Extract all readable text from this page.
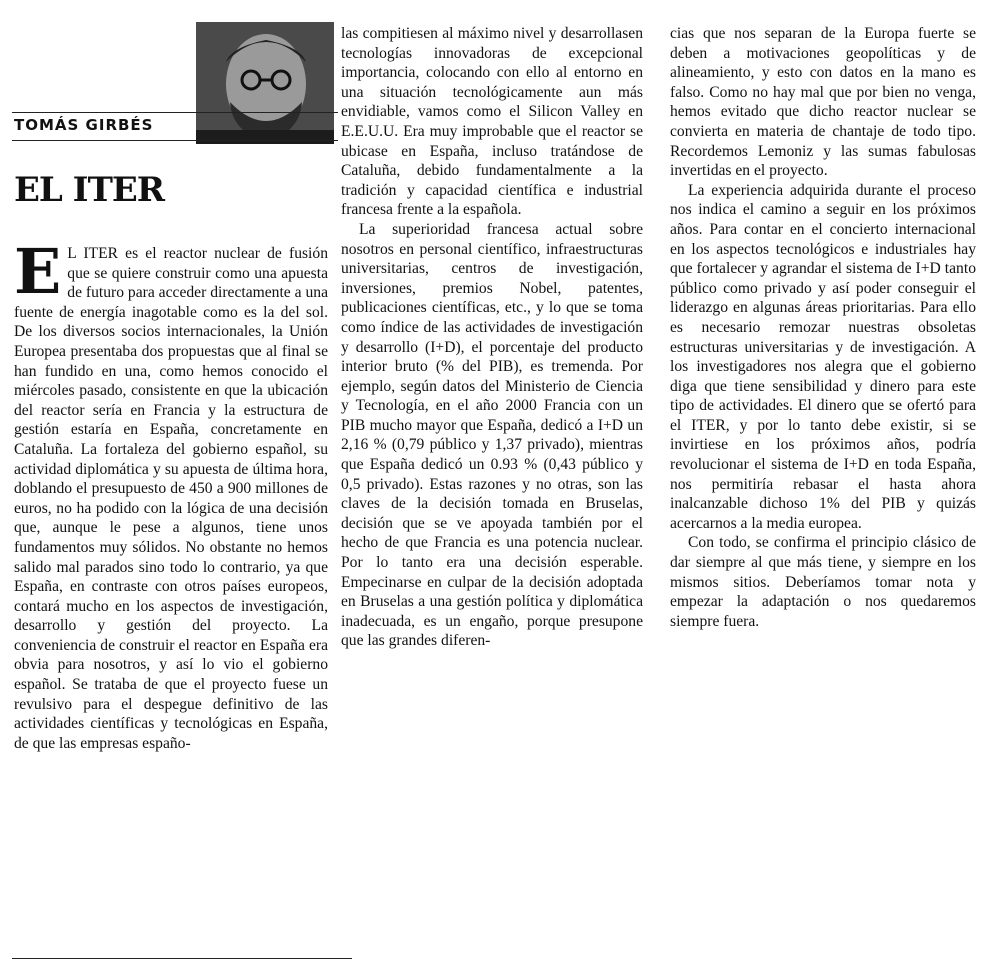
TOMÁS GIRBÉS
EL ITER

E L ITER es el reactor nuclear de fusión que se quiere construir como una apuesta de futuro para acceder directamente a una fuente de energía inagotable como es la del sol. De los diversos socios internacionales, la Unión Europea presentaba dos propuestas que al final se han fundido en una, como hemos conocido el miércoles pasado, consistente en que la ubicación del reactor sería en Francia y la estructura de gestión estaría en España, concretamente en Cataluña. La fortaleza del gobierno español, su actividad diplomática y su apuesta de última hora, doblando el presupuesto de 450 a 900 millones de euros, no ha podido con la lógica de una decisión que, aunque le pese a algunos, tiene unos fundamentos muy sólidos. No obstante no hemos salido mal parados sino todo lo contrario, ya que España, en contraste con otros países europeos, contará mucho en los aspectos de investigación, desarrollo y gestión del proyecto. La conveniencia de construir el reactor en España era obvia para nosotros, y así lo vio el gobierno español. Se trataba de que el proyecto fuese un revulsivo para el despegue definitivo de las actividades científicas y tecnológicas en España, de que las empresas españo-

las compitiesen al máximo nivel y desarrollasen tecnologías innovadoras de excepcional importancia, colocando con ello al entorno en una situación tecnológicamente aun más envidiable, vamos como el Silicon Valley en E.E.U.U. Era muy improbable que el reactor se ubicase en España, incluso tratándose de Cataluña, debido fundamentalmente a la tradición y capacidad científica e industrial francesa frente a la española.

La superioridad francesa actual sobre nosotros en personal científico, infraestructuras universitarias, centros de investigación, inversiones, premios Nobel, patentes, publicaciones científicas, etc., y lo que se toma como índice de las actividades de investigación y desarrollo (I+D), el porcentaje del producto interior bruto (% del PIB), es tremenda. Por ejemplo, según datos del Ministerio de Ciencia y Tecnología, en el año 2000 Francia con un PIB mucho mayor que España, dedicó a I+D un 2,16 % (0,79 público y 1,37 privado), mientras que España dedicó un 0.93 % (0,43 público y 0,5 privado). Estas razones y no otras, son las claves de la decisión tomada en Bruselas, decisión que se ve apoyada también por el hecho de que Francia es una potencia nuclear. Por lo tanto era una decisión esperable. Empecinarse en culpar de la decisión adoptada en Bruselas a una gestión política y diplomática inadecuada, es un engaño, porque presupone que las grandes diferen-

cias que nos separan de la Europa fuerte se deben a motivaciones geopolíticas y de alineamiento, y esto con datos en la mano es falso. Como no hay mal que por bien no venga, hemos evitado que dicho reactor nuclear se convierta en materia de chantaje de todo tipo. Recordemos Lemoniz y las sumas fabulosas invertidas en el proyecto.

La experiencia adquirida durante el proceso nos indica el camino a seguir en los próximos años. Para contar en el concierto internacional en los aspectos tecnológicos e industriales hay que fortalecer y agrandar el sistema de I+D tanto público como privado y así poder conseguir el liderazgo en algunas áreas prioritarias. Para ello es necesario remozar nuestras obsoletas estructuras universitarias y de investigación. A los investigadores nos alegra que el gobierno diga que tiene sensibilidad y dinero para este tipo de actividades. El dinero que se ofertó para el ITER, y por lo tanto debe existir, si se invirtiese en los próximos años, podría revolucionar el sistema de I+D en toda España, nos permitiría rebasar el hasta ahora inalcanzable dichoso 1% del PIB y quizás acercarnos a la media europea.

Con todo, se confirma el principio clásico de dar siempre al que más tiene, y siempre en los mismos sitios. Deberíamos tomar nota y empezar la adaptación o nos quedaremos siempre fuera.
